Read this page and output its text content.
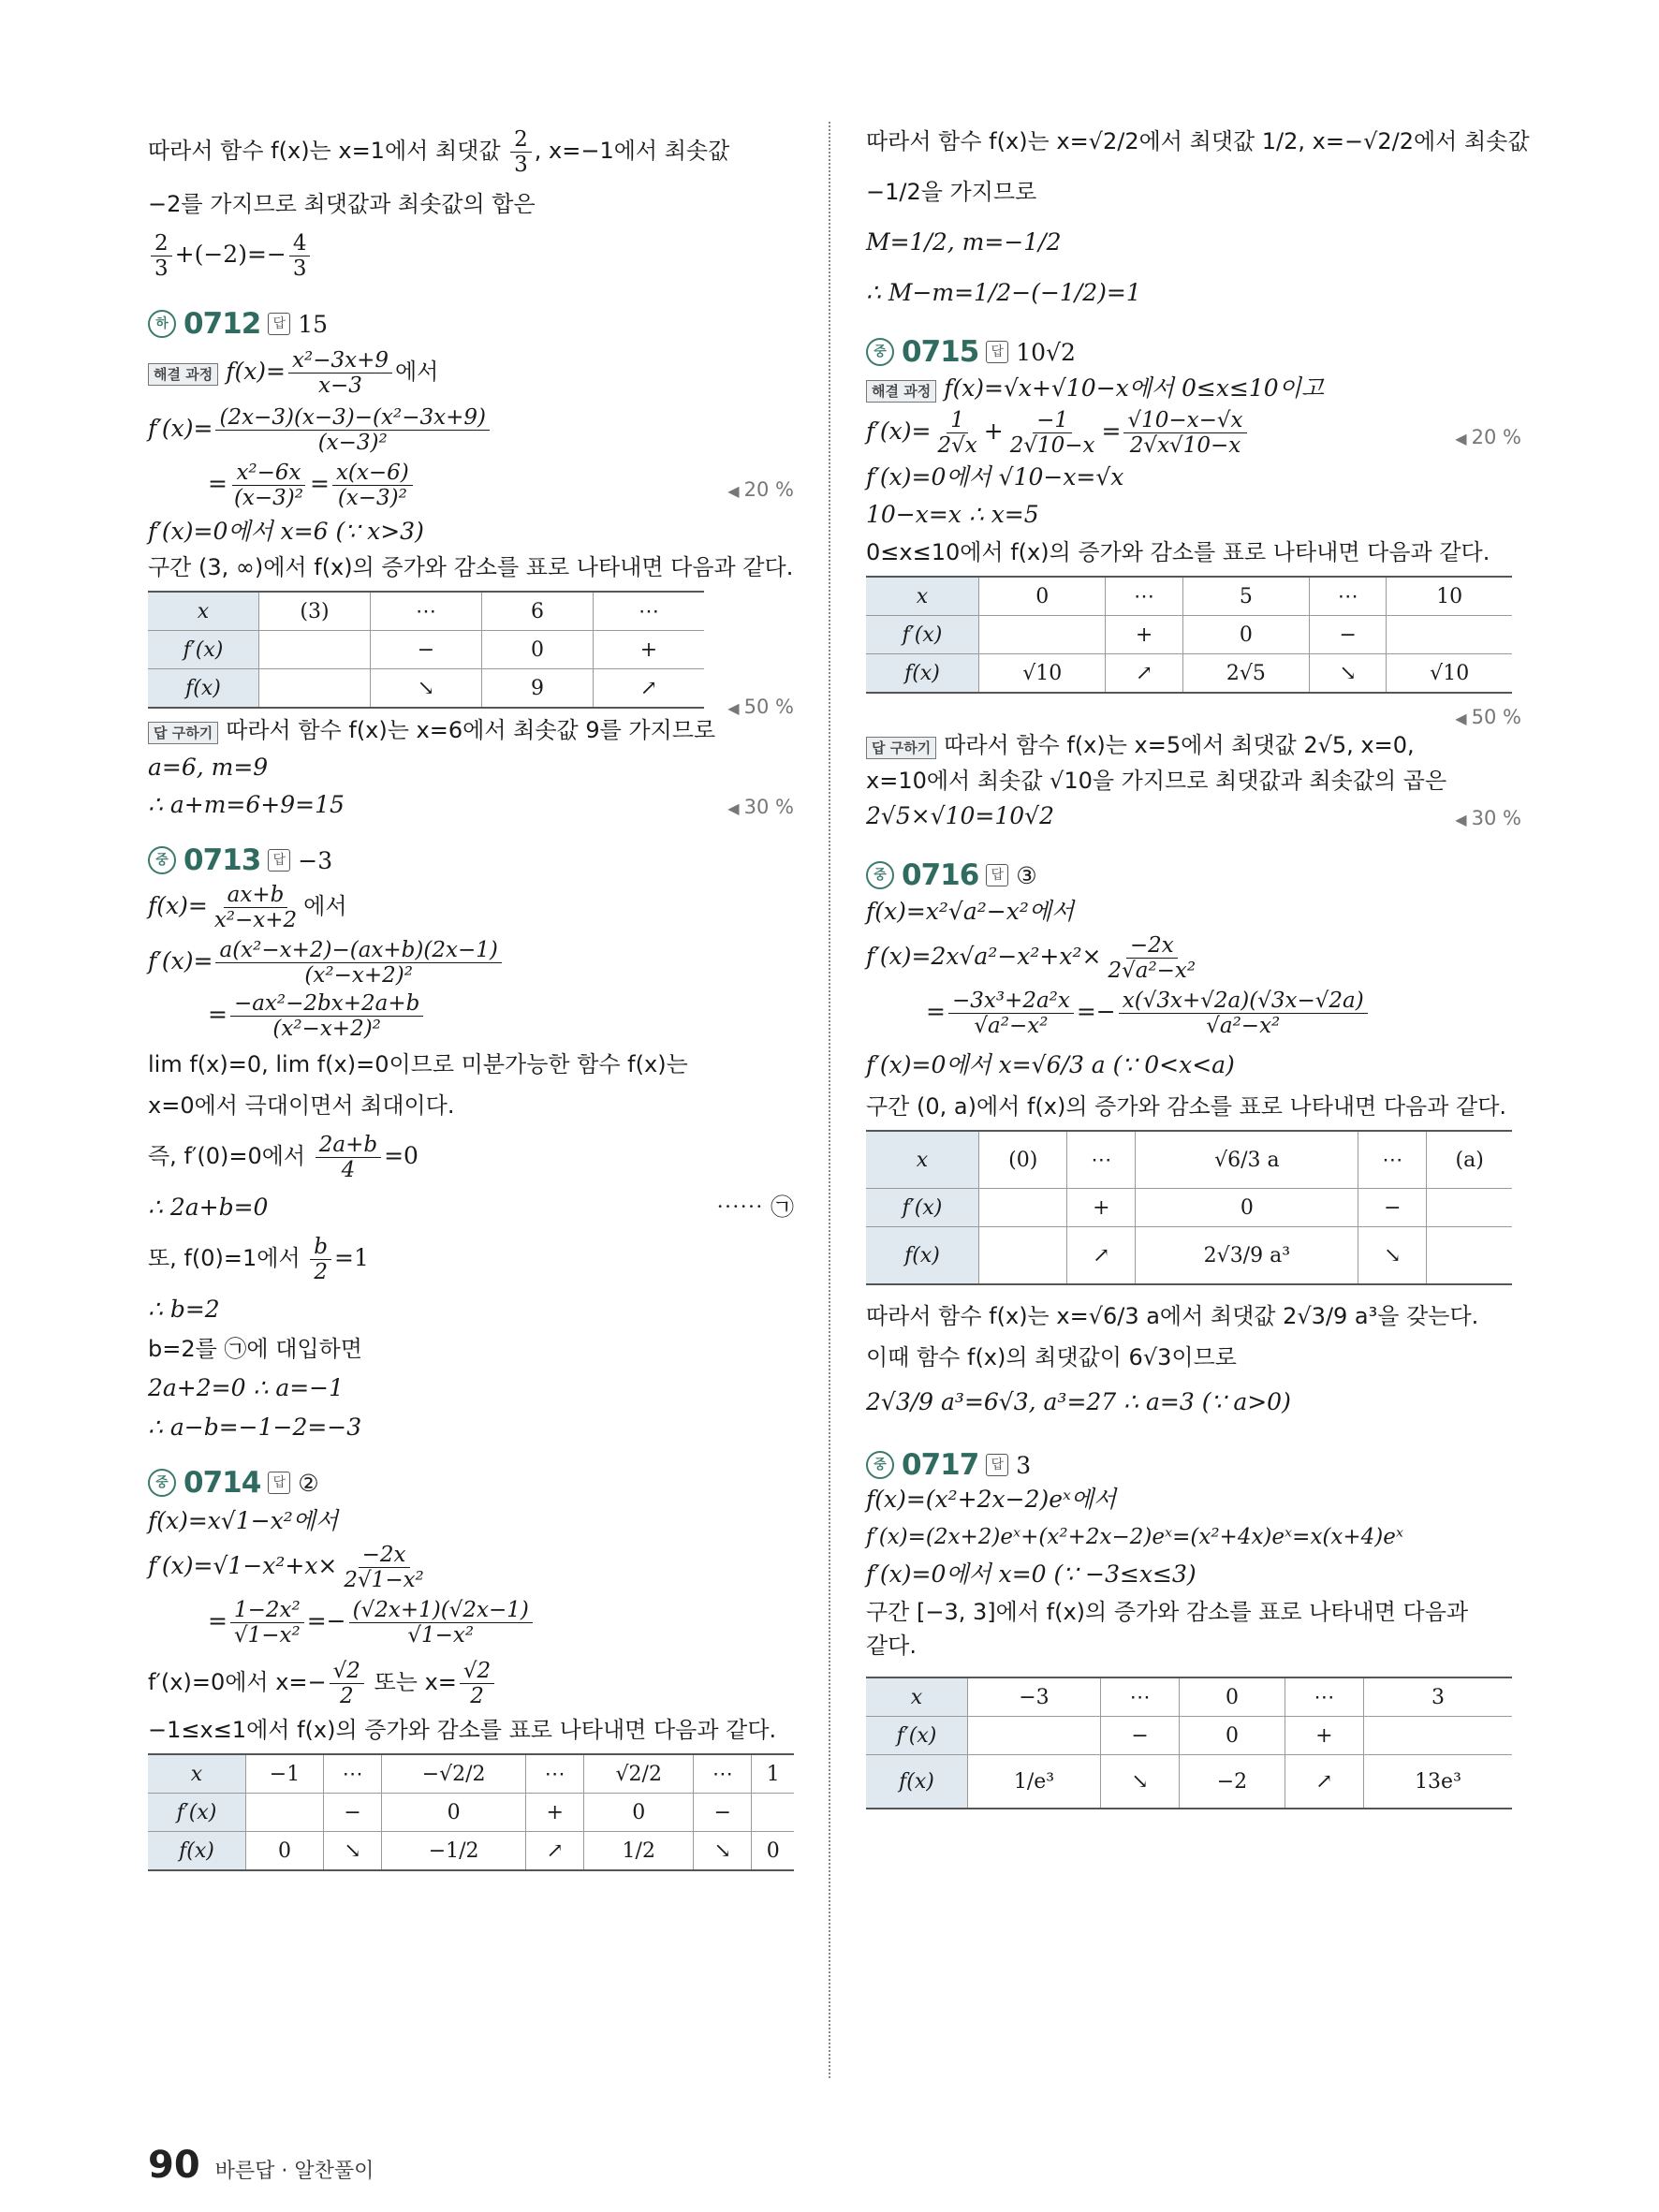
따라서 함수 f(x)는 x=1에서 최댓값 $\frac{2}{3}$ , x=−1에서 최솟값
−2를 가지므로 최댓값과 최솟값의 합은
$\frac{2}{3} +(-2)=- \frac{4}{3}$
하 0712 답 15
해결 과정 $f(x)= \frac{\text{x²−3x+9}}{x-3}$ 에서
$f'(x)= \frac{\text{(2x−3)(x−3)−(x²−3x+9)}}{\text{(x−3)²}}$
= $\frac{\text{x²−6x}}{\text{(x−3)²}} = \frac{x(x-6)}{\text{(x−3)²}}$	◀ 20 %
f′(x)=0에서 x=6 (∵ x>3)
구간 (3, ∞)에서 f(x)의 증가와 감소를 표로 나타내면 다음과 같다.
x	(3)	⋯	6	⋯
f′(x)		−	0	+
f(x)		↘	9	↗
◀ 50 %
답 구하기 따라서 함수 f(x)는 x=6에서 최솟값 9를 가지므로
a=6, m=9
∴ a+m=6+9=15	◀ 30 %
중 0713 답 −3
$f(x)= \frac{ax+b}{\text{x²−x+2}}$ 에서
$f'(x)= \frac{\text{a(x²−x+2)−(ax+b)(2x−1)}}{\text{(x²−x+2)²}}$
= $\frac{\text{−ax²−2bx+2a+b}}{\text{(x²−x+2)²}}$
lim f(x)=0, lim f(x)=0이므로 미분가능한 함수 f(x)는
x=0에서 극대이면서 최대이다.
즉, f′(0)=0에서 $\frac{2a+b}{4} =0$
∴ 2a+b=0	⋯⋯ ㉠
또, f(0)=1에서 $\frac{b}{2} =1$
∴ b=2
b=2를 ㉠에 대입하면
2a+2=0 ∴ a=−1
∴ a−b=−1−2=−3
중 0714 답 ②
f(x)=x√1−x²에서
$f'(x)=√1-x^2+x\times \frac{-2x}{\text{2√1−x²}}$
= $\frac{\text{1−2x²}}{\text{√1−x²}} =- \frac{(√2x+1)(√2x-1)}{\text{√1−x²}}$
f′(x)=0에서 $x=- \frac{√2}{2}$ 또는 $x= \frac{√2}{2}$
−1≤x≤1에서 f(x)의 증가와 감소를 표로 나타내면 다음과 같다.
x	−1	⋯	−√2/2	⋯	√2/2	⋯	1
f′(x)		−	0	+	0	−	
f(x)	0	↘	−1/2	↗	1/2	↘	0
따라서 함수 f(x)는 x=√2/2에서 최댓값 1/2, x=−√2/2에서 최솟값
−1/2을 가지므로
M=1/2, m=−1/2
∴ M−m=1/2−(−1/2)=1
중 0715 답 10√2
해결 과정 f(x)=√x+√10−x에서 0≤x≤10이고
$f'(x)= \frac{1}{2√x} + \frac{-1}{2√10-x} = \frac{√10-x-√x}{2√x√10-x}$	◀ 20 %
f′(x)=0에서 √10−x=√x
10−x=x ∴ x=5
0≤x≤10에서 f(x)의 증가와 감소를 표로 나타내면 다음과 같다.
x	0	⋯	5	⋯	10
f′(x)		+	0	−	
f(x)	√10	↗	2√5	↘	√10
◀ 50 %
답 구하기 따라서 함수 f(x)는 x=5에서 최댓값 2√5, x=0,
x=10에서 최솟값 √10을 가지므로 최댓값과 최솟값의 곱은
2√5×√10=10√2	◀ 30 %
중 0716 답 ③
f(x)=x²√a²−x²에서
$f'(x)=2x√a^2-x^2+x^2\times \frac{-2x}{\text{2√a²−x²}}$
= $\frac{\text{−3x³+2a²x}}{\text{√a²−x²}} =- \frac{x(√3x+√2a)(√3x-√2a)}{\text{√a²−x²}}$
f′(x)=0에서 x=√6/3 a (∵ 0<x<a)
구간 (0, a)에서 f(x)의 증가와 감소를 표로 나타내면 다음과 같다.
x	(0)	⋯	√6/3 a	⋯	(a)
f′(x)		+	0	−	
f(x)		↗	2√3/9 a³	↘	
따라서 함수 f(x)는 x=√6/3 a에서 최댓값 2√3/9 a³을 갖는다.
이때 함수 f(x)의 최댓값이 6√3이므로
2√3/9 a³=6√3, a³=27 ∴ a=3 (∵ a>0)
중 0717 답 3
f(x)=(x²+2x−2)eˣ에서
f′(x)=(2x+2)eˣ+(x²+2x−2)eˣ=(x²+4x)eˣ=x(x+4)eˣ
f′(x)=0에서 x=0 (∵ −3≤x≤3)
구간 [−3, 3]에서 f(x)의 증가와 감소를 표로 나타내면 다음과
같다.
x	−3	⋯	0	⋯	3
f′(x)		−	0	+	
f(x)	1/e³	↘	−2	↗	13e³
90 바른답 · 알찬풀이
